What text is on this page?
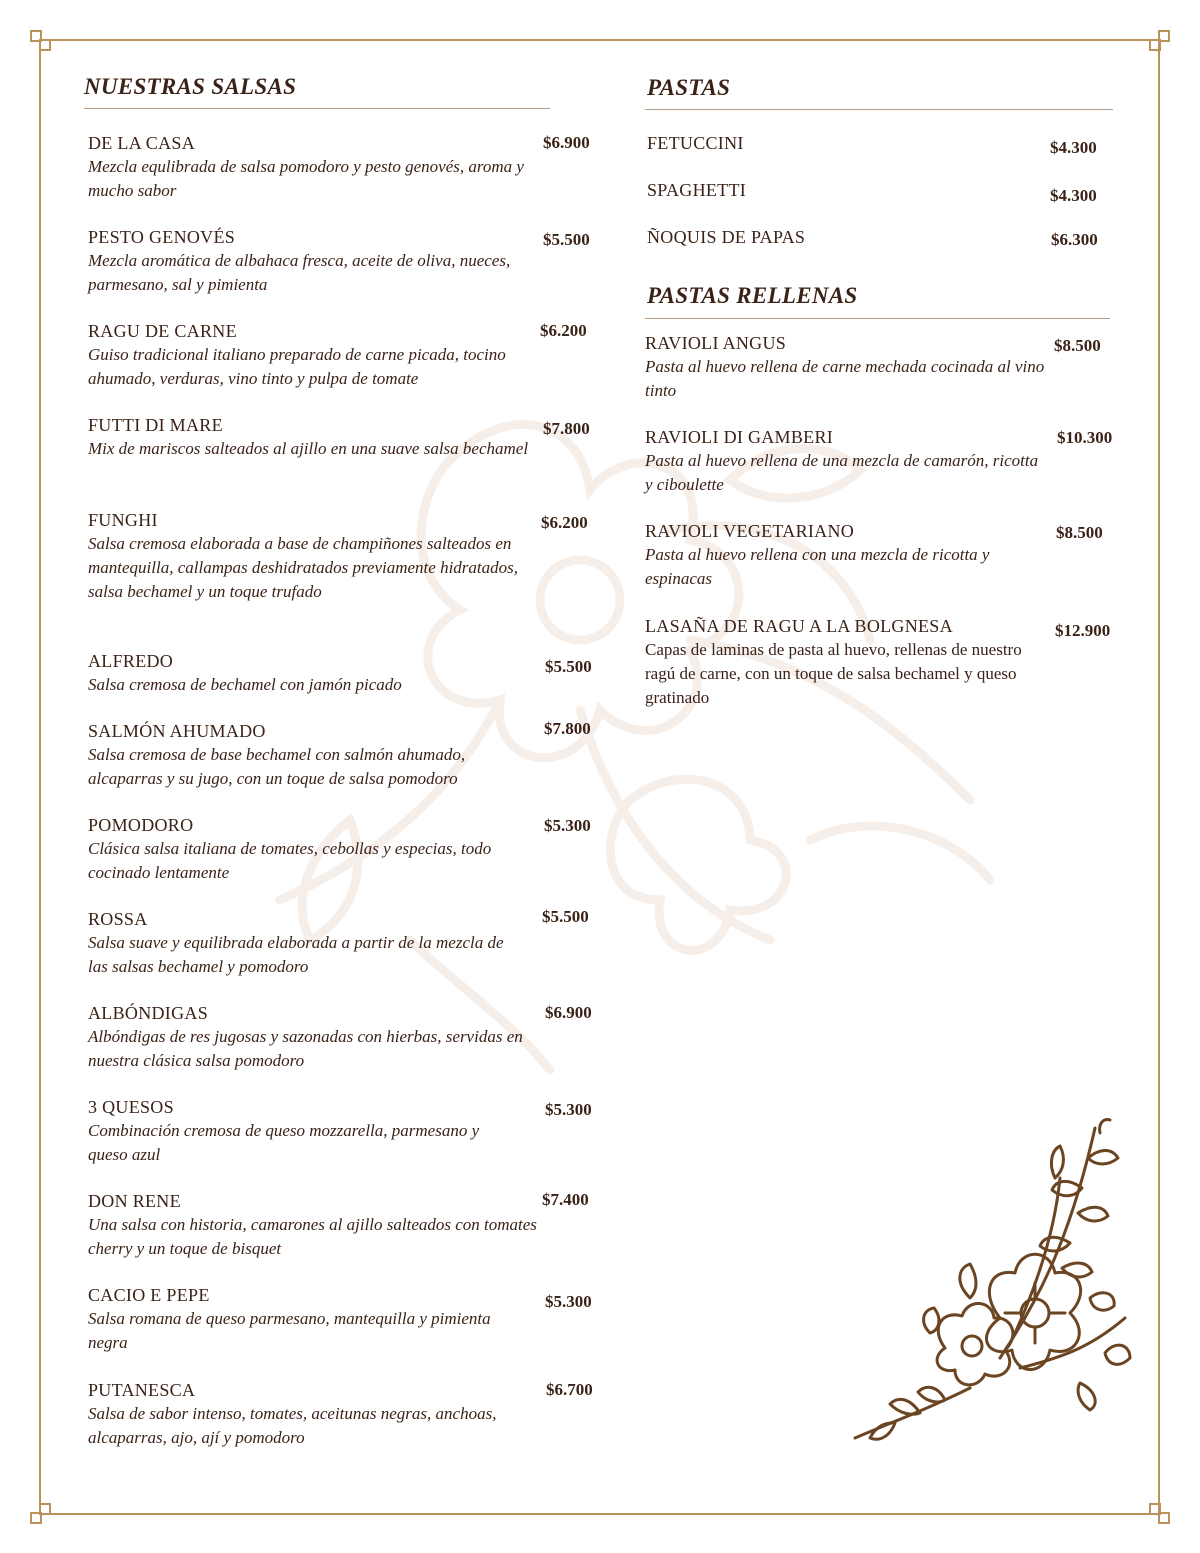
NUESTRAS SALSAS
DE LA CASA
Mezcla equlibrada de salsa pomodoro y pesto genovés, aroma y mucho sabor
$6.900
PESTO GENOVÉS
Mezcla aromática de albahaca fresca, aceite de oliva, nueces, parmesano, sal y pimienta
$5.500
RAGU DE CARNE
Guiso tradicional italiano preparado de carne picada, tocino ahumado, verduras, vino tinto y pulpa de tomate
$6.200
FUTTI DI MARE
Mix de mariscos salteados al ajillo en una suave salsa bechamel
$7.800
FUNGHI
Salsa cremosa elaborada a base de champiñones salteados en mantequilla, callampas deshidratados previamente hidratados, salsa bechamel y un toque trufado
$6.200
ALFREDO
Salsa cremosa de bechamel con jamón picado
$5.500
SALMÓN AHUMADO
Salsa cremosa de base bechamel con salmón ahumado, alcaparras y su jugo, con un toque de salsa pomodoro
$7.800
POMODORO
Clásica salsa italiana de tomates, cebollas y especias, todo cocinado lentamente
$5.300
ROSSA
Salsa suave y equilibrada elaborada a partir de la mezcla de las salsas bechamel y pomodoro
$5.500
ALBÓNDIGAS
Albóndigas de res jugosas y sazonadas con hierbas, servidas en nuestra clásica salsa pomodoro
$6.900
3 QUESOS
Combinación cremosa de queso mozzarella, parmesano y queso azul
$5.300
DON RENE
Una salsa con historia, camarones al ajillo salteados con tomates cherry y un toque de bisquet
$7.400
CACIO E PEPE
Salsa romana de queso parmesano, mantequilla y pimienta negra
$5.300
PUTANESCA
Salsa de sabor intenso, tomates, aceitunas negras, anchoas, alcaparras, ajo, ají y pomodoro
$6.700
PASTAS
FETUCCINI	$4.300
SPAGHETTI	$4.300
ÑOQUIS DE PAPAS	$6.300
PASTAS RELLENAS
RAVIOLI ANGUS
Pasta al huevo rellena de carne mechada cocinada al vino tinto
$8.500
RAVIOLI DI GAMBERI
Pasta al huevo rellena de una mezcla de camarón, ricotta y ciboulette
$10.300
RAVIOLI VEGETARIANO
Pasta al huevo rellena con una mezcla de ricotta y espinacas
$8.500
LASAÑA DE RAGU A LA BOLGNESA
Capas de laminas de pasta al huevo, rellenas de nuestro ragú de carne, con un toque de salsa bechamel y queso gratinado
$12.900
